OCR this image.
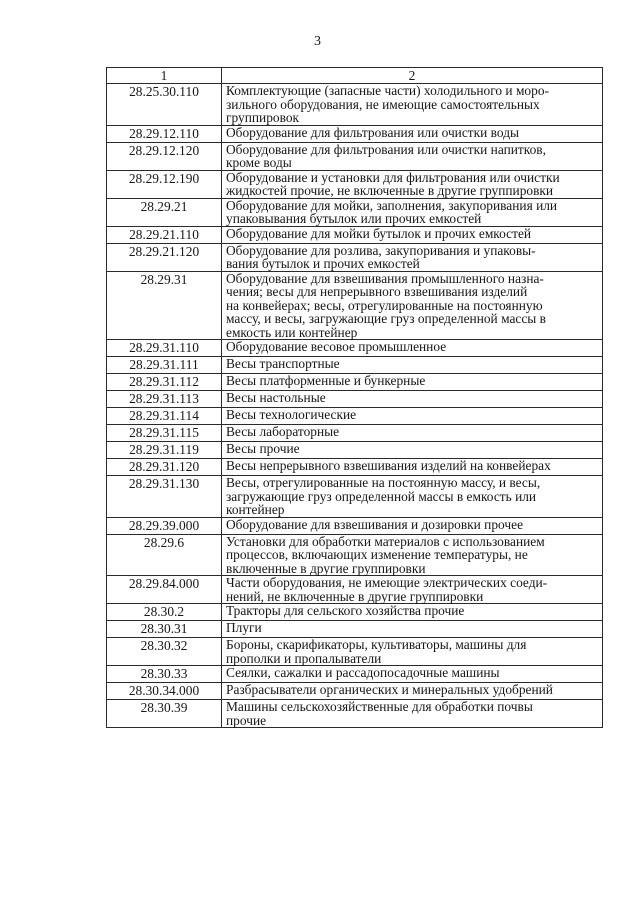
3
1	2
28.25.30.110	Комплектующие (запасные части) холодильного и моро-
зильного оборудования, не имеющие самостоятельных
группировок
28.29.12.110	Оборудование для фильтрования или очистки воды
28.29.12.120	Оборудование для фильтрования или очистки напитков,
кроме воды
28.29.12.190	Оборудование и установки для фильтрования или очистки
жидкостей прочие, не включенные в другие группировки
28.29.21	Оборудование для мойки, заполнения, закупоривания или
упаковывания бутылок или прочих емкостей
28.29.21.110	Оборудование для мойки бутылок и прочих емкостей
28.29.21.120	Оборудование для розлива, закупоривания и упаковы-
вания бутылок и прочих емкостей
28.29.31	Оборудование для взвешивания промышленного назна-
чения; весы для непрерывного взвешивания изделий
на конвейерах; весы, отрегулированные на постоянную
массу, и весы, загружающие груз определенной массы в
емкость или контейнер
28.29.31.110	Оборудование весовое промышленное
28.29.31.111	Весы транспортные
28.29.31.112	Весы платформенные и бункерные
28.29.31.113	Весы настольные
28.29.31.114	Весы технологические
28.29.31.115	Весы лабораторные
28.29.31.119	Весы прочие
28.29.31.120	Весы непрерывного взвешивания изделий на конвейерах
28.29.31.130	Весы, отрегулированные на постоянную массу, и весы,
загружающие груз определенной массы в емкость или
контейнер
28.29.39.000	Оборудование для взвешивания и дозировки прочее
28.29.6	Установки для обработки материалов с использованием
процессов, включающих изменение температуры, не
включенные в другие группировки
28.29.84.000	Части оборудования, не имеющие электрических соеди-
нений, не включенные в другие группировки
28.30.2	Тракторы для сельского хозяйства прочие
28.30.31	Плуги
28.30.32	Бороны, скарификаторы, культиваторы, машины для
прополки и пропалыватели
28.30.33	Сеялки, сажалки и рассадопосадочные машины
28.30.34.000	Разбрасыватели органических и минеральных удобрений
28.30.39	Машины сельскохозяйственные для обработки почвы
прочие
